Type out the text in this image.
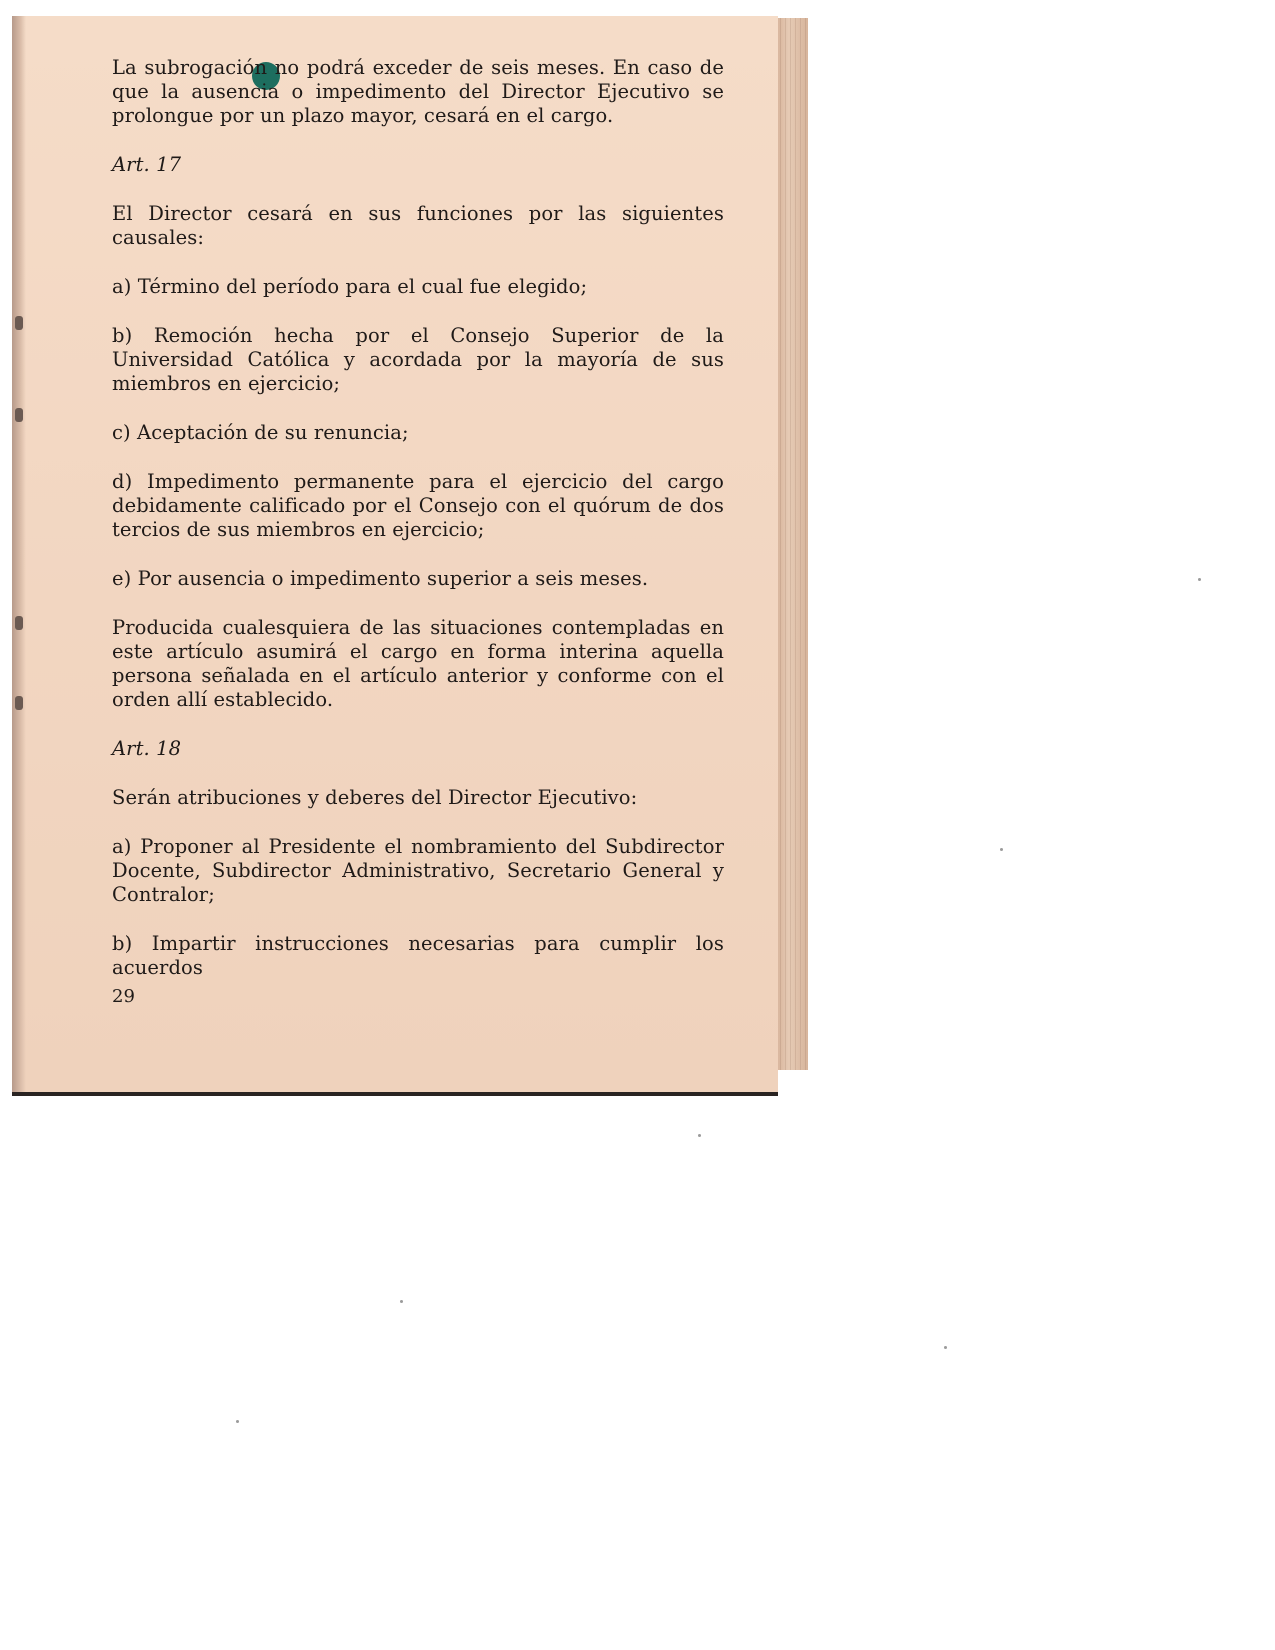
La subrogación no podrá exceder de seis meses. En caso de que la ausencia o impedimento del Director Ejecutivo se prolongue por un plazo mayor, cesará en el cargo.

Art. 17

El Director cesará en sus funciones por las siguientes causales:

a) Término del período para el cual fue elegido;

b) Remoción hecha por el Consejo Superior de la Universidad Católica y acordada por la mayoría de sus miembros en ejercicio;

c) Aceptación de su renuncia;

d) Impedimento permanente para el ejercicio del cargo debidamente calificado por el Consejo con el quórum de dos tercios de sus miembros en ejercicio;

e) Por ausencia o impedimento superior a seis meses.

Producida cualesquiera de las situaciones contempladas en este artículo asumirá el cargo en forma interina aquella persona señalada en el artículo anterior y conforme con el orden allí establecido.

Art. 18

Serán atribuciones y deberes del Director Ejecutivo:

a) Proponer al Presidente el nombramiento del Subdirector Docente, Subdirector Administrativo, Secretario General y Contralor;

b) Impartir instrucciones necesarias para cumplir los acuerdos

29
